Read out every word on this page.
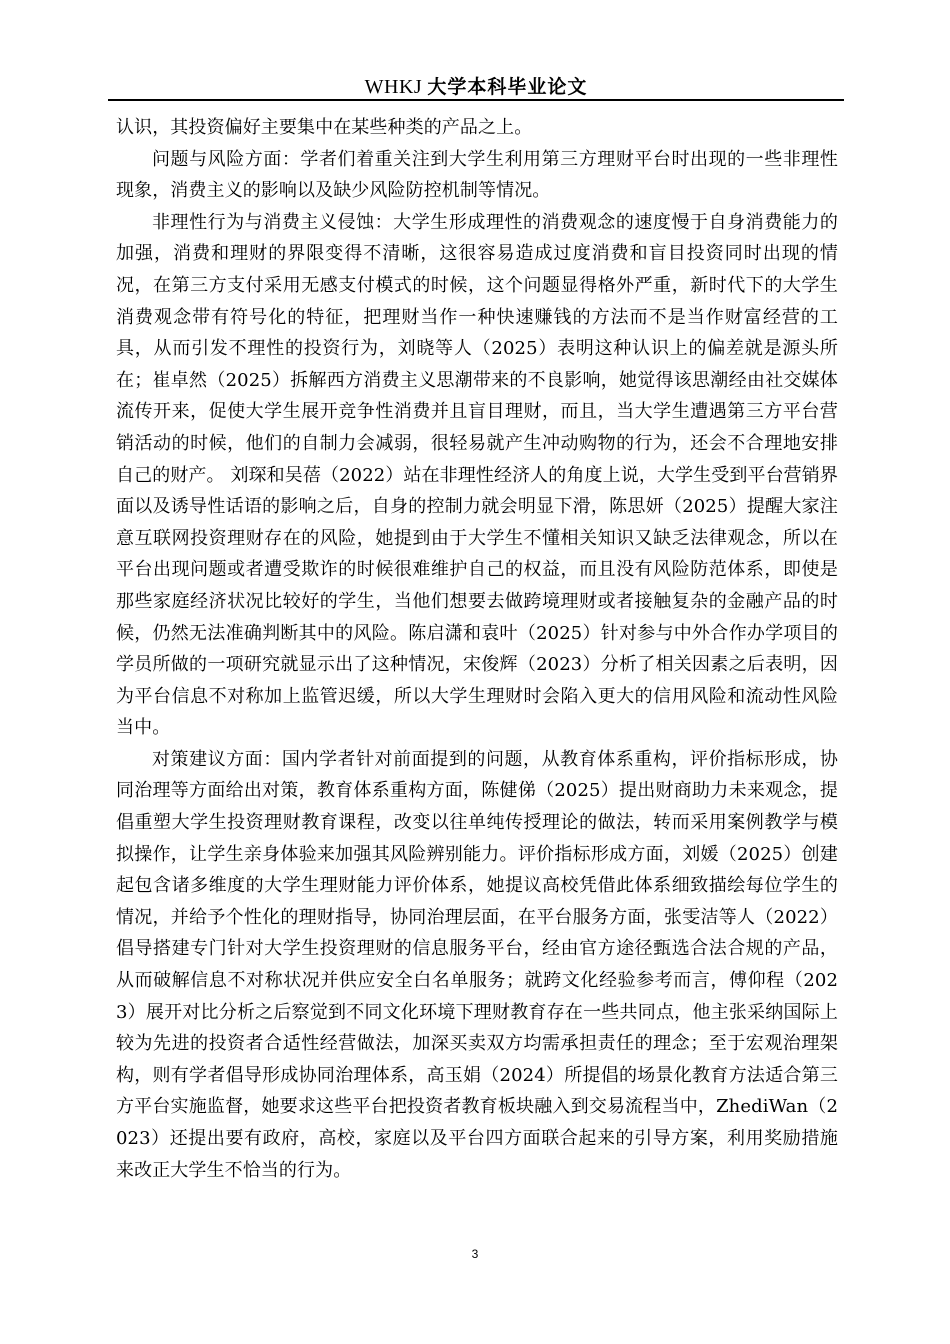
WHKJ 大学本科毕业论文

认识，其投资偏好主要集中在某些种类的产品之上。

问题与风险方面：学者们着重关注到大学生利用第三方理财平台时出现的一些非理性现象，消费主义的影响以及缺少风险防控机制等情况。

非理性行为与消费主义侵蚀：大学生形成理性的消费观念的速度慢于自身消费能力的加强，消费和理财的界限变得不清晰，这很容易造成过度消费和盲目投资同时出现的情况，在第三方支付采用无感支付模式的时候，这个问题显得格外严重，新时代下的大学生消费观念带有符号化的特征，把理财当作一种快速赚钱的方法而不是当作财富经营的工具，从而引发不理性的投资行为，刘晓等人（2025）表明这种认识上的偏差就是源头所在；崔卓然（2025）拆解西方消费主义思潮带来的不良影响，她觉得该思潮经由社交媒体流传开来，促使大学生展开竞争性消费并且盲目理财，而且，当大学生遭遇第三方平台营销活动的时候，他们的自制力会减弱，很轻易就产生冲动购物的行为，还会不合理地安排自己的财产。 刘琛和吴蓓（2022）站在非理性经济人的角度上说，大学生受到平台营销界面以及诱导性话语的影响之后，自身的控制力就会明显下滑，陈思妍（2025）提醒大家注意互联网投资理财存在的风险，她提到由于大学生不懂相关知识又缺乏法律观念，所以在平台出现问题或者遭受欺诈的时候很难维护自己的权益，而且没有风险防范体系，即使是那些家庭经济状况比较好的学生，当他们想要去做跨境理财或者接触复杂的金融产品的时候，仍然无法准确判断其中的风险。陈启潇和袁叶（2025）针对参与中外合作办学项目的学员所做的一项研究就显示出了这种情况，宋俊辉（2023）分析了相关因素之后表明，因为平台信息不对称加上监管迟缓，所以大学生理财时会陷入更大的信用风险和流动性风险当中。

对策建议方面：国内学者针对前面提到的问题，从教育体系重构，评价指标形成，协同治理等方面给出对策，教育体系重构方面，陈健俤（2025）提出财商助力未来观念，提倡重塑大学生投资理财教育课程，改变以往单纯传授理论的做法，转而采用案例教学与模拟操作，让学生亲身体验来加强其风险辨别能力。评价指标形成方面，刘媛（2025）创建起包含诸多维度的大学生理财能力评价体系，她提议高校凭借此体系细致描绘每位学生的情况，并给予个性化的理财指导，协同治理层面，在平台服务方面，张雯洁等人（2022）倡导搭建专门针对大学生投资理财的信息服务平台，经由官方途径甄选合法合规的产品，从而破解信息不对称状况并供应安全白名单服务；就跨文化经验参考而言，傅仰程（2023）展开对比分析之后察觉到不同文化环境下理财教育存在一些共同点，他主张采纳国际上较为先进的投资者合适性经营做法，加深买卖双方均需承担责任的理念；至于宏观治理架构，则有学者倡导形成协同治理体系，高玉娟（2024）所提倡的场景化教育方法适合第三方平台实施监督，她要求这些平台把投资者教育板块融入到交易流程当中，ZhediWan（2023）还提出要有政府，高校，家庭以及平台四方面联合起来的引导方案，利用奖励措施来改正大学生不恰当的行为。

3
